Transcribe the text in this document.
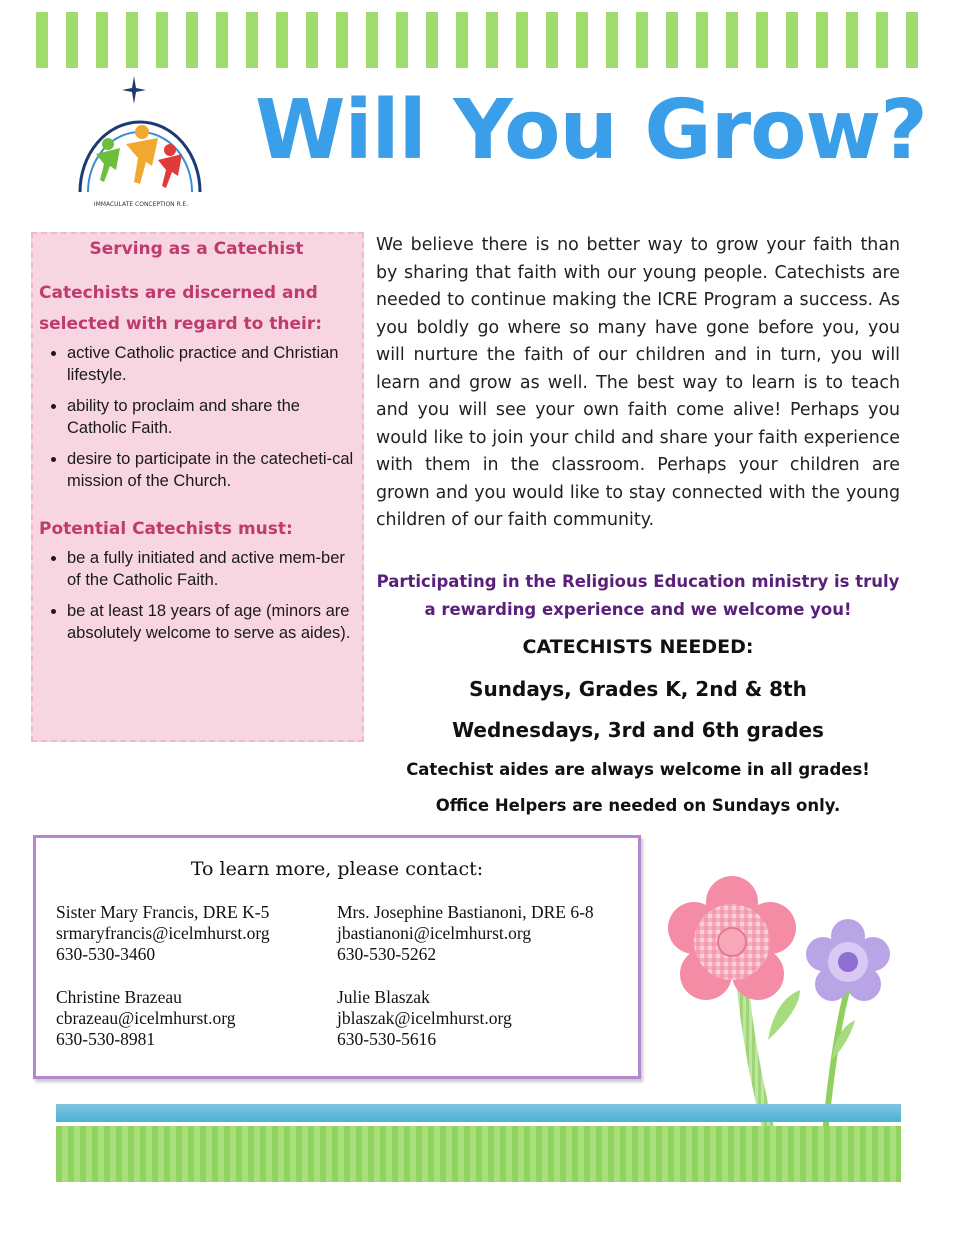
IMMACULATE CONCEPTION R.E.
Will You Grow?
Serving as a Catechist
Catechists are discerned and selected with regard to their:
• active Catholic practice and Christian lifestyle.
• ability to proclaim and share the Catholic Faith.
• desire to participate in the catecheti-cal mission of the Church.
Potential Catechists must:
• be a fully initiated and active mem-ber of the Catholic Faith.
• be at least 18 years of age (minors are absolutely welcome to serve as aides).
We believe there is no better way to grow your faith than by sharing that faith with our young people. Catechists are needed to continue making the ICRE Program a success. As you boldly go where so many have gone before you, you will nurture the faith of our children and in turn, you will learn and grow as well. The best way to learn is to teach and you will see your own faith come alive! Perhaps you would like to join your child and share your faith experience with them in the classroom. Perhaps your children are grown and you would like to stay connected with the young children of our faith community.
Participating in the Religious Education ministry is truly a rewarding experience and we welcome you!
CATECHISTS NEEDED:
Sundays, Grades K, 2nd & 8th
Wednesdays, 3rd and 6th grades
Catechist aides are always welcome in all grades!
Office Helpers are needed on Sundays only.
To learn more, please contact:
Sister Mary Francis, DRE K-5
srmaryfrancis@icelmhurst.org
630-530-3460
Mrs. Josephine Bastianoni, DRE 6-8
jbastianoni@icelmhurst.org
630-530-5262
Christine Brazeau
cbrazeau@icelmhurst.org
630-530-8981
Julie Blaszak
jblaszak@icelmhurst.org
630-530-5616
